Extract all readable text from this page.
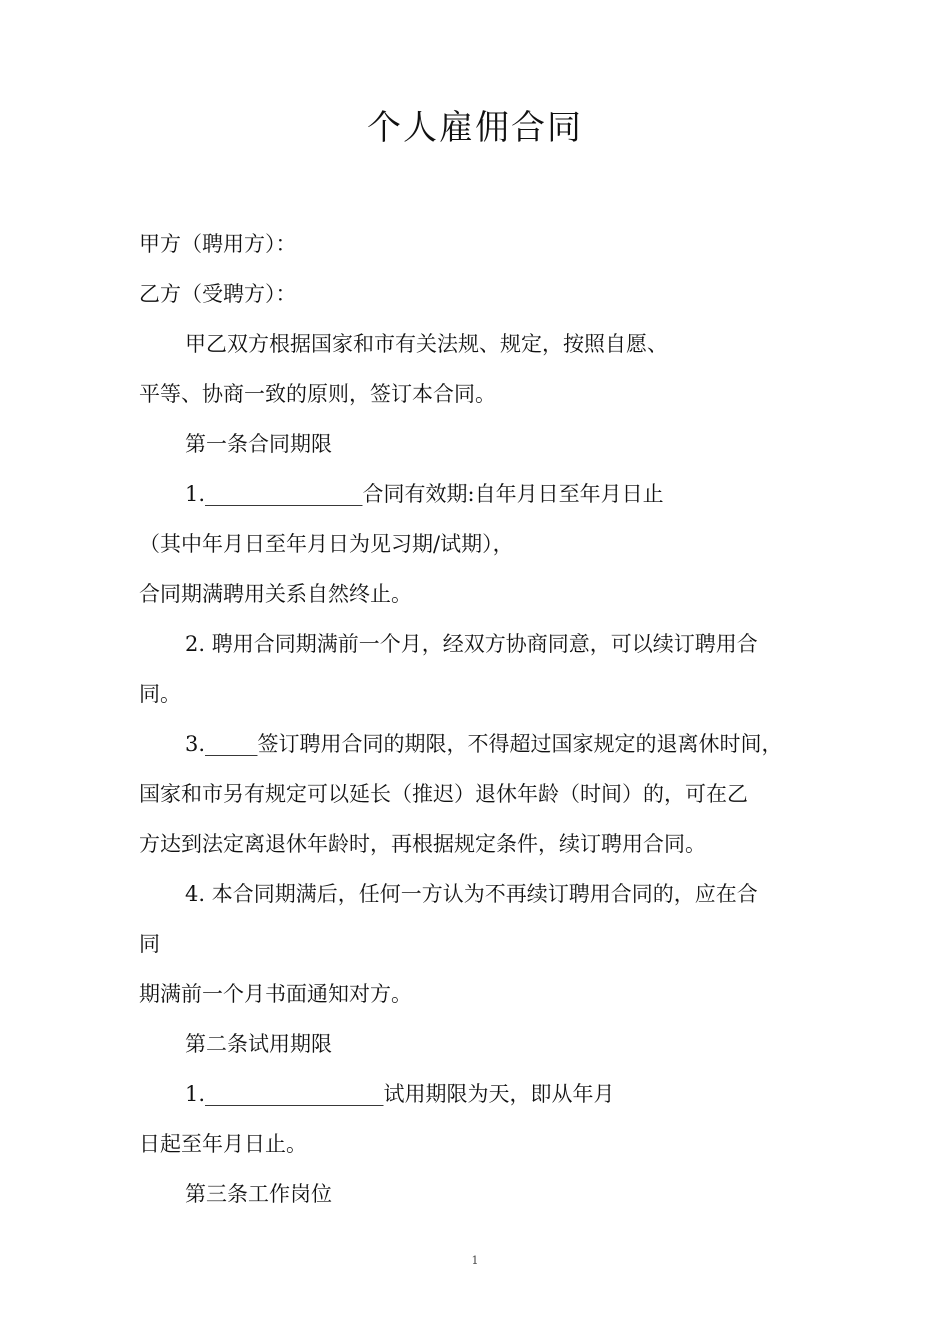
个人雇佣合同
甲方（聘用方）：
乙方（受聘方）：
甲乙双方根据国家和市有关法规、规定，按照自愿、
平等、协商一致的原则，签订本合同。
第一条合同期限
1._______________合同有效期:自年月日至年月日止
（其中年月日至年月日为见习期/试期），
合同期满聘用关系自然终止。
2. 聘用合同期满前一个月，经双方协商同意，可以续订聘用合
同。
3._____签订聘用合同的期限，不得超过国家规定的退离休时间，
国家和市另有规定可以延长（推迟）退休年龄（时间）的，可在乙
方达到法定离退休年龄时，再根据规定条件，续订聘用合同。
4. 本合同期满后，任何一方认为不再续订聘用合同的，应在合
同
期满前一个月书面通知对方。
第二条试用期限
1._________________试用期限为天，即从年月
日起至年月日止。
第三条工作岗位
1
